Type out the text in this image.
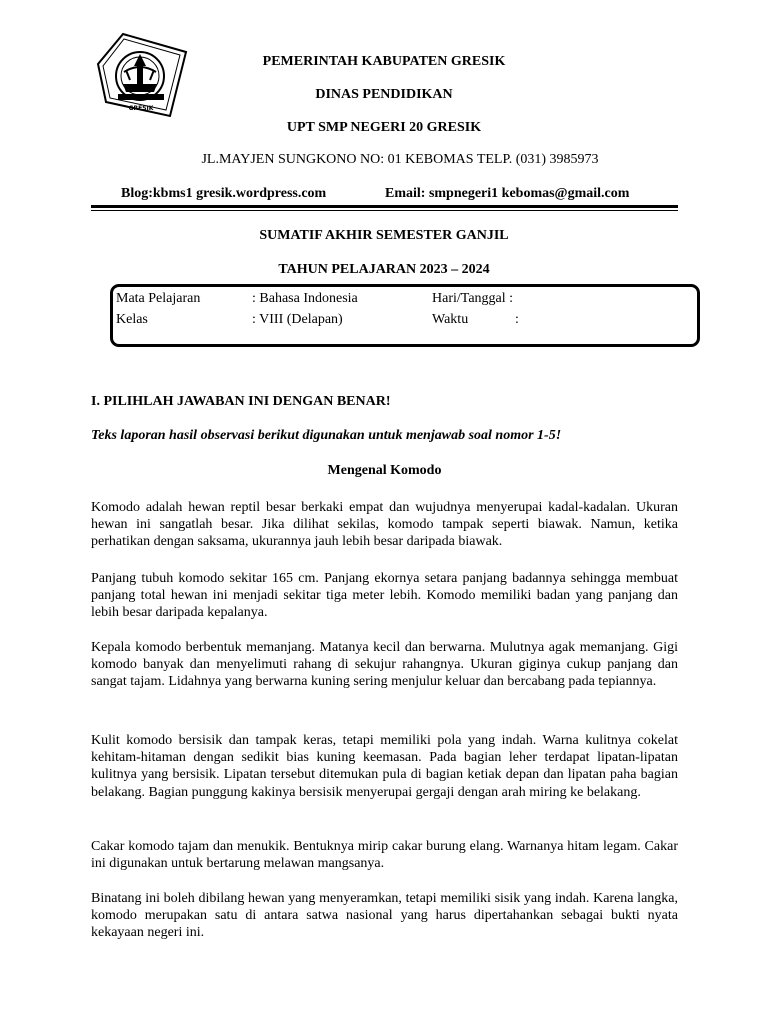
GRESIK
PEMERINTAH KABUPATEN GRESIK
DINAS PENDIDIKAN
UPT SMP NEGERI 20 GRESIK
JL.MAYJEN SUNGKONO NO: 01 KEBOMAS TELP. (031) 3985973
Blog:kbms1 gresik.wordpress.com	Email: smpnegeri1 kebomas@gmail.com
SUMATIF AKHIR SEMESTER GANJIL
TAHUN PELAJARAN 2023 – 2024
Mata Pelajaran	: Bahasa Indonesia	Hari/Tanggal :
Kelas	: VIII (Delapan)	Waktu	:
I. PILIHLAH JAWABAN INI DENGAN BENAR!
Teks laporan hasil observasi berikut digunakan untuk menjawab soal nomor 1-5!
Mengenal Komodo

Komodo adalah hewan reptil besar berkaki empat dan wujudnya menyerupai kadal-kadalan. Ukuran hewan ini sangatlah besar. Jika dilihat sekilas, komodo tampak seperti biawak. Namun, ketika perhatikan dengan saksama, ukurannya jauh lebih besar daripada biawak.

Panjang tubuh komodo sekitar 165 cm. Panjang ekornya setara panjang badannya sehingga membuat panjang total hewan ini menjadi sekitar tiga meter lebih. Komodo memiliki badan yang panjang dan lebih besar daripada kepalanya.

Kepala komodo berbentuk memanjang. Matanya kecil dan berwarna. Mulutnya agak memanjang. Gigi komodo banyak dan menyelimuti rahang di sekujur rahangnya. Ukuran giginya cukup panjang dan sangat tajam. Lidahnya yang berwarna kuning sering menjulur keluar dan bercabang pada tepiannya.

Kulit komodo bersisik dan tampak keras, tetapi memiliki pola yang indah. Warna kulitnya cokelat kehitam-hitaman dengan sedikit bias kuning keemasan. Pada bagian leher terdapat lipatan-lipatan kulitnya yang bersisik. Lipatan tersebut ditemukan pula di bagian ketiak depan dan lipatan paha bagian belakang. Bagian punggung kakinya bersisik menyerupai gergaji dengan arah miring ke belakang.

Cakar komodo tajam dan menukik. Bentuknya mirip cakar burung elang. Warnanya hitam legam. Cakar ini digunakan untuk bertarung melawan mangsanya.

Binatang ini boleh dibilang hewan yang menyeramkan, tetapi memiliki sisik yang indah. Karena langka, komodo merupakan satu di antara satwa nasional yang harus dipertahankan sebagai bukti nyata kekayaan negeri ini.
